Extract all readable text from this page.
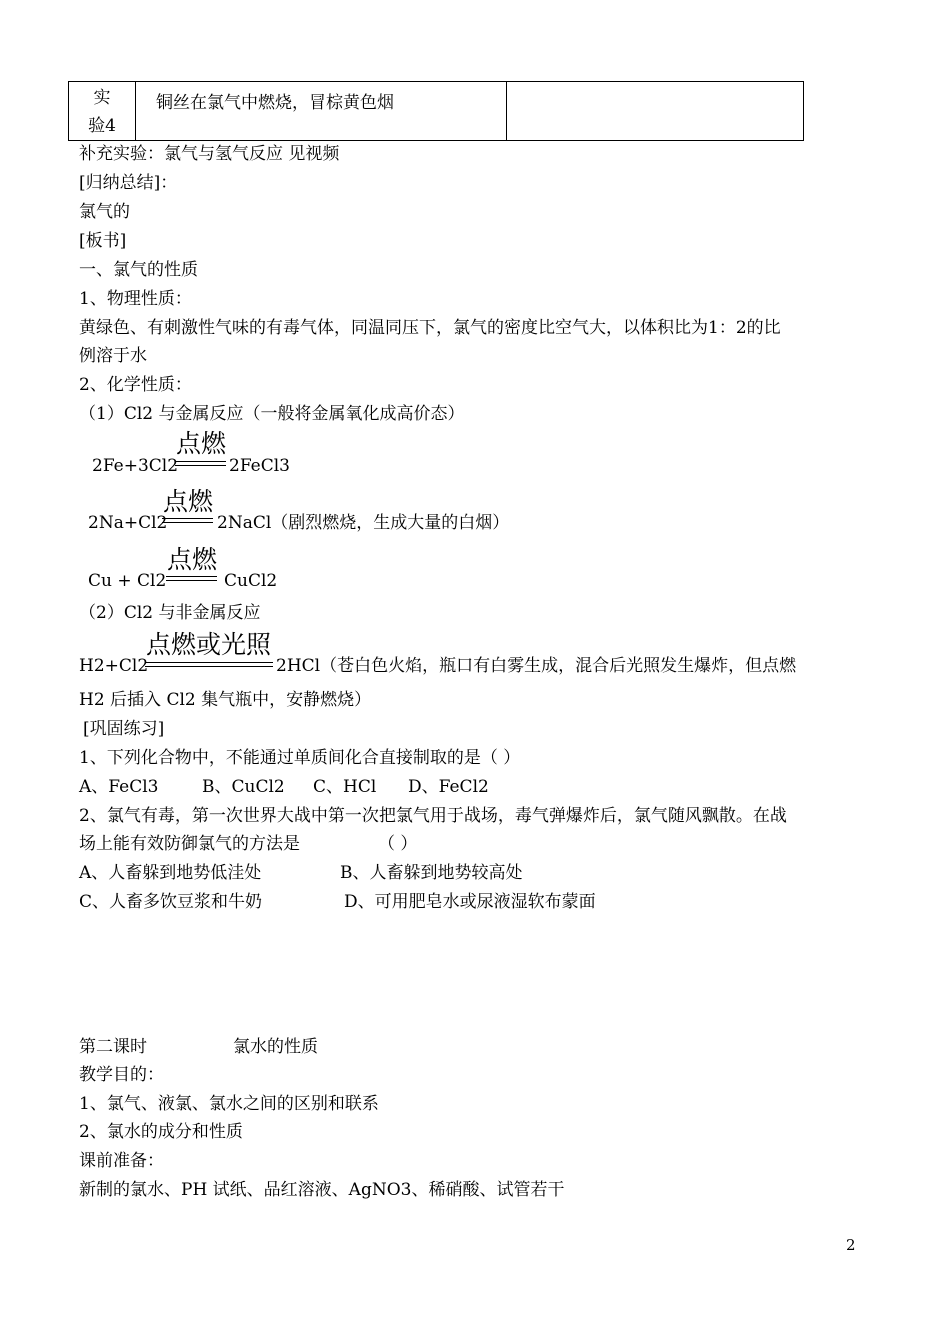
实
验4
	铜丝在氯气中燃烧，冒棕黄色烟	
补充实验：氯气与氢气反应 见视频
[归纳总结]：
氯气的
[板书]
一、氯气的性质
1、物理性质：
黄绿色、有刺激性气味的有毒气体，同温同压下，氯气的密度比空气大，以体积比为1：2的比
例溶于水
2、化学性质：
（1）Cl2 与金属反应（一般将金属氧化成高价态）
2Fe+3Cl2
点燃
2FeCl3
2Na+Cl2
点燃
2NaCl（剧烈燃烧，生成大量的白烟）
Cu + Cl2
点燃
CuCl2
（2）Cl2 与非金属反应
H2+Cl2
点燃或光照
2HCl（苍白色火焰，瓶口有白雾生成，混合后光照发生爆炸，但点燃
H2 后插入 Cl2 集气瓶中，安静燃烧）
[巩固练习]
1、下列化合物中，不能通过单质间化合直接制取的是（ ）
A、FeCl3	B、CuCl2 C、HCl D、FeCl2
2、氯气有毒，第一次世界大战中第一次把氯气用于战场，毒气弹爆炸后，氯气随风飘散。在战
场上能有效防御氯气的方法是	（ ）
A、人畜躲到地势低洼处	B、人畜躲到地势较高处
C、人畜多饮豆浆和牛奶	D、可用肥皂水或尿液湿软布蒙面
第二课时	氯水的性质
教学目的：
1、氯气、液氯、氯水之间的区别和联系
2、氯水的成分和性质
课前准备：
新制的氯水、PH 试纸、品红溶液、AgNO3、稀硝酸、试管若干
2
